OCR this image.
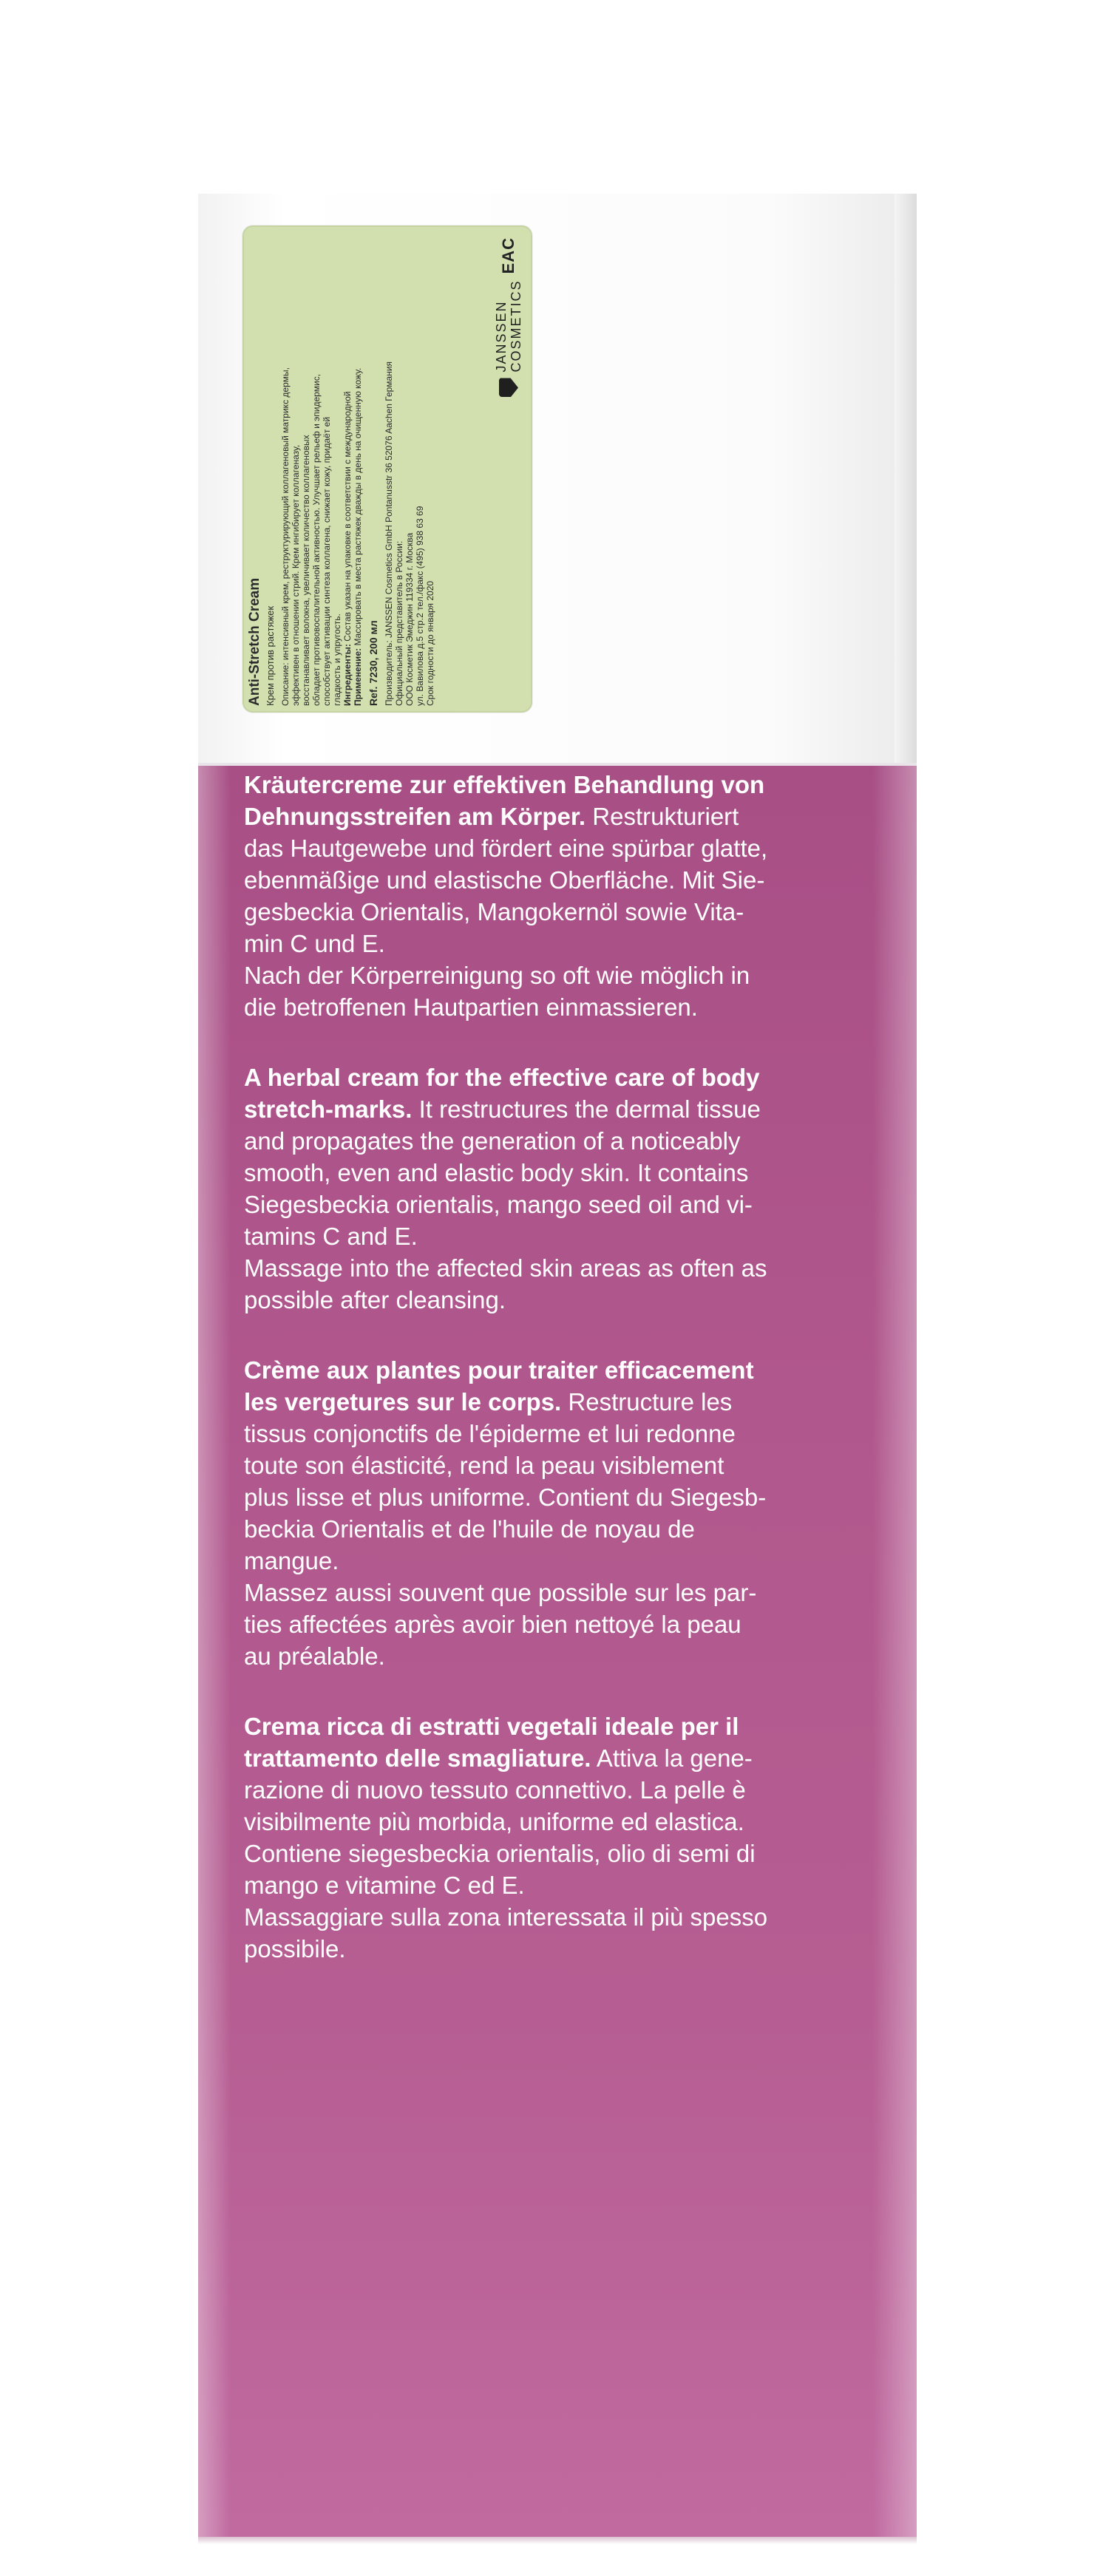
Anti-Stretch Cream Крем против растяжек Описание: интенсивный крем, реструктурирующий коллагеновый матрикс дермы, эффективен в отношении стрий. Крем ингибирует коллагеназу, восстанавливает волокна, увеличивает количество коллагеновых обладает противовоспалительной активностью. Улучшает рельеф и эпидермис, способствует активации синтеза коллагена, снижает кожу, придаёт ей гладкость и упругость. Ингредиенты: Состав указан на упаковке в соответствии с международной

Применение: Массировать в места растяжек дважды в день на очищенную кожу.

Ref. 7230, 200 мл Производитель: JANSSEN Cosmetics GmbH Pontanusstr 36 52076 Aachen Германия Официальный представитель в России: ООО Косметик Эмеджин 119334 г. Москва ул. Вавилова д.5 стр.2 тел./факс (495) 938 63 69 Срок годности до января 2020

JANSSEN COSMETICS
EAC
Kräutercreme zur effektiven Behandlung von
Dehnungsstreifen am Körper. Restrukturiert
das Hautgewebe und fördert eine spürbar glatte,
ebenmäßige und elastische Oberfläche. Mit Sie-
gesbeckia Orientalis, Mangokernöl sowie Vita-
min C und E.
Nach der Körperreinigung so oft wie möglich in
die betroffenen Hautpartien einmassieren.
A herbal cream for the effective care of body
stretch-marks. It restructures the dermal tissue
and propagates the generation of a noticeably
smooth, even and elastic body skin. It contains
Siegesbeckia orientalis, mango seed oil and vi-
tamins C and E.
Massage into the affected skin areas as often as
possible after cleansing.
Crème aux plantes pour traiter efficacement
les vergetures sur le corps. Restructure les
tissus conjonctifs de l'épiderme et lui redonne
toute son élasticité, rend la peau visiblement
plus lisse et plus uniforme. Contient du Siegesb-
beckia Orientalis et de l'huile de noyau de
mangue.
Massez aussi souvent que possible sur les par-
ties affectées après avoir bien nettoyé la peau
au préalable.
Crema ricca di estratti vegetali ideale per il
trattamento delle smagliature. Attiva la gene-
razione di nuovo tessuto connettivo. La pelle è
visibilmente più morbida, uniforme ed elastica.
Contiene siegesbeckia orientalis, olio di semi di
mango e vitamine C ed E.
Massaggiare sulla zona interessata il più spesso
possibile.
